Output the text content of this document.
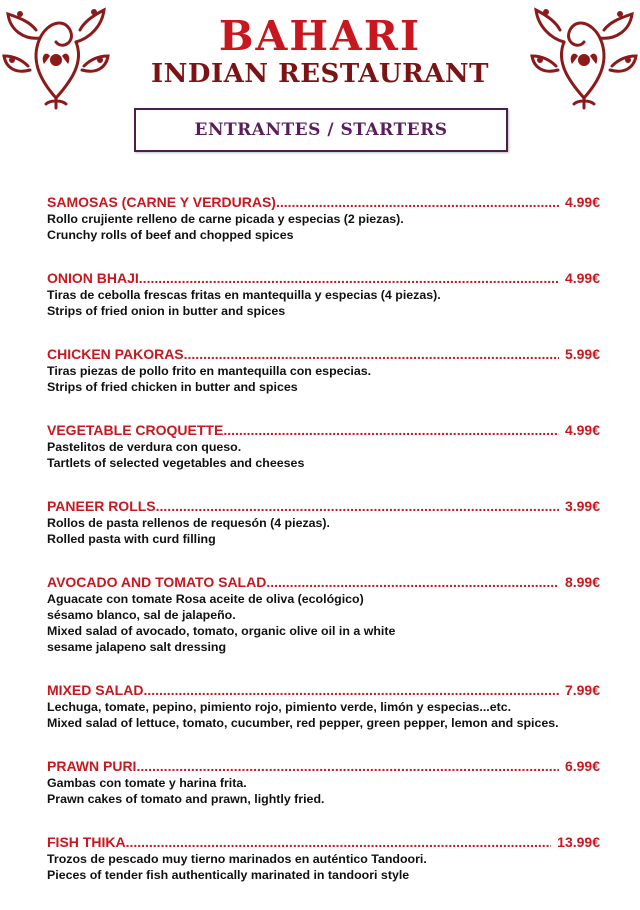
BAHARI
INDIAN RESTAURANT
ENTRANTES / STARTERS
SAMOSAS (CARNE Y VERDURAS) .....	4.99€
Rollo crujiente relleno de carne picada y especias (2 piezas).
Crunchy rolls of beef and chopped spices
ONION BHAJI .....	4.99€
Tiras de cebolla frescas fritas en mantequilla y especias (4 piezas).
Strips of fried onion in butter and spices
CHICKEN PAKORAS .....	5.99€
Tiras piezas de pollo frito en mantequilla con especias.
Strips of fried chicken in butter and spices
VEGETABLE CROQUETTE .....	4.99€
Pastelitos de verdura con queso.
Tartlets of selected vegetables and cheeses
PANEER ROLLS .....	3.99€
Rollos de pasta rellenos de requesón (4 piezas).
Rolled pasta with curd filling
AVOCADO AND TOMATO SALAD .....	8.99€
Aguacate con tomate Rosa aceite de oliva (ecológico)
sésamo blanco, sal de jalapeño.
Mixed salad of avocado, tomato, organic olive oil in a white
sesame jalapeno salt dressing
MIXED SALAD .....	7.99€
Lechuga, tomate, pepino, pimiento rojo, pimiento verde, limón y especias...etc.
Mixed salad of lettuce, tomato, cucumber, red pepper, green pepper, lemon and spices.
PRAWN PURI .....	6.99€
Gambas con tomate y harina frita.
Prawn cakes of tomato and prawn, lightly fried.
FISH THIKA .....	13.99€
Trozos de pescado muy tierno marinados en auténtico Tandoori.
Pieces of tender fish authentically marinated in tandoori style
